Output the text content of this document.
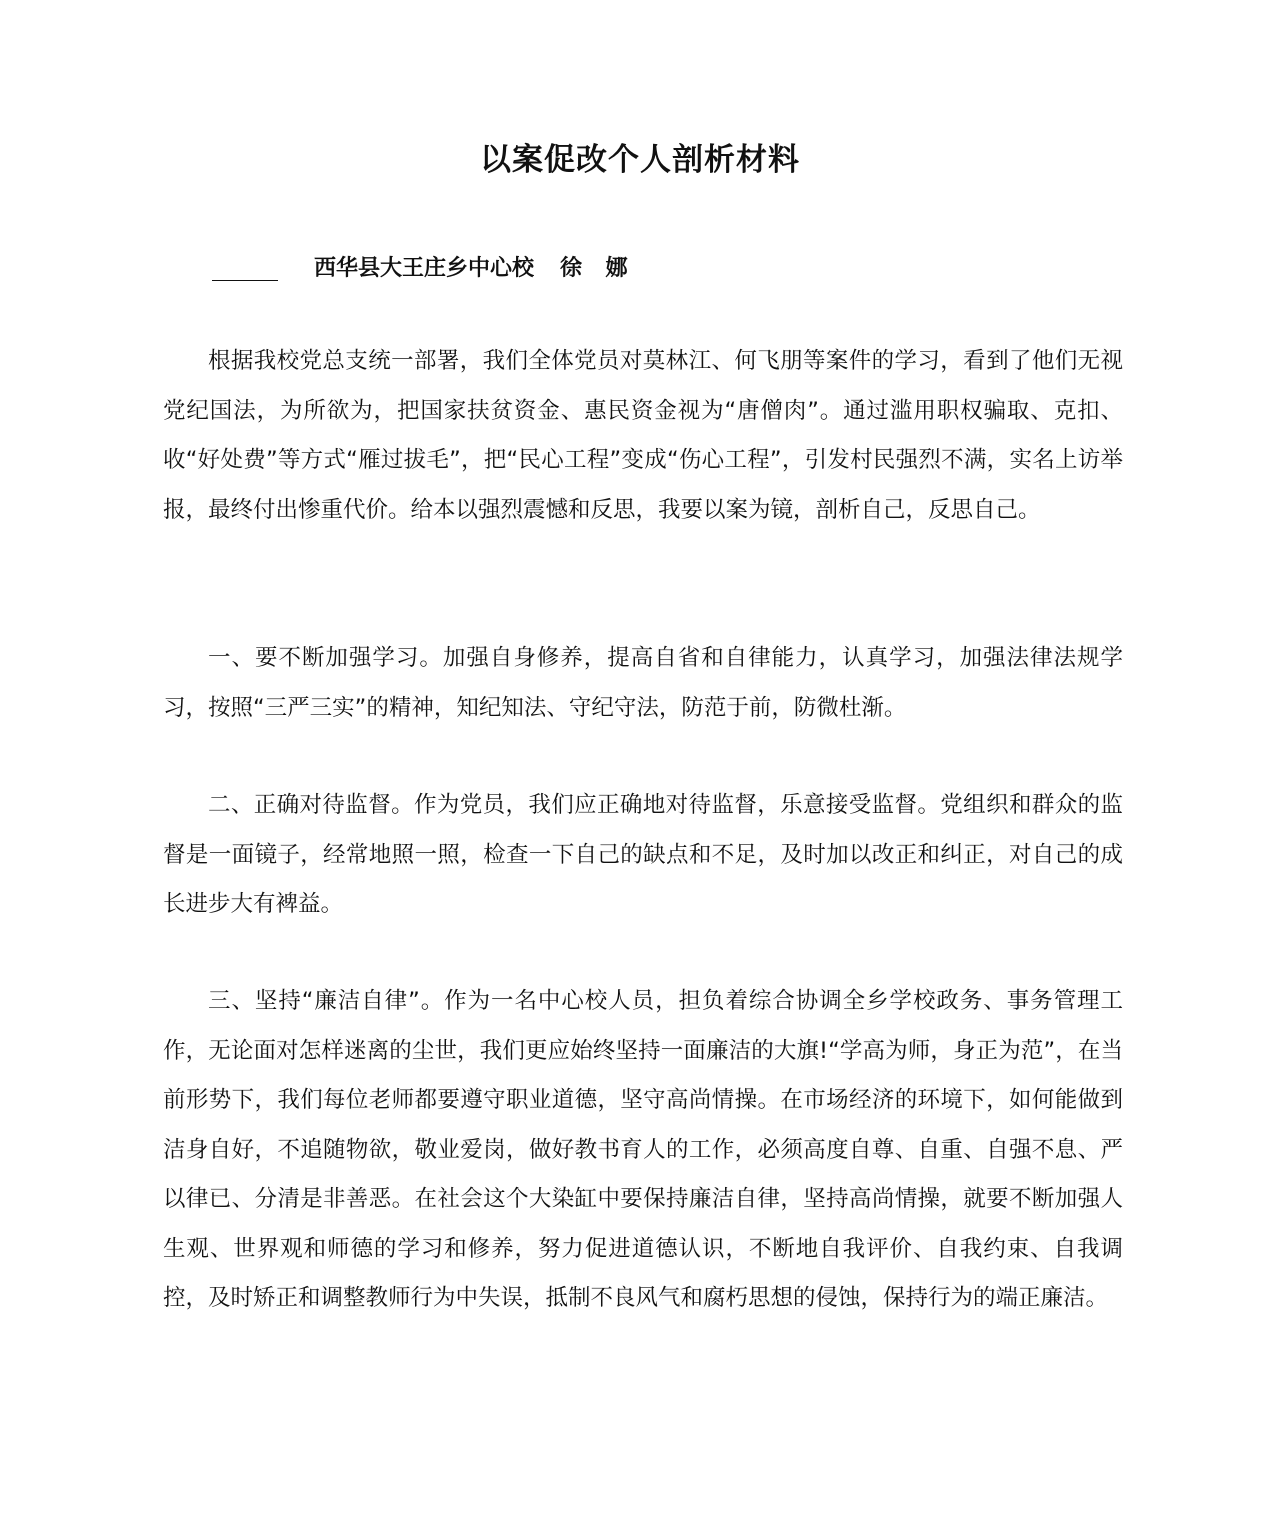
以案促改个人剖析材料
西华县大王庄乡中心校 徐 娜

根据我校党总支统一部署，我们全体党员对莫林江、何飞朋等案件的学习，看到了他们无视党纪国法，为所欲为，把国家扶贫资金、惠民资金视为“唐僧肉”。通过滥用职权骗取、克扣、收“好处费”等方式“雁过拔毛”，把“民心工程”变成“伤心工程”，引发村民强烈不满，实名上访举报，最终付出惨重代价。给本以强烈震憾和反思，我要以案为镜，剖析自己，反思自己。

一、要不断加强学习。加强自身修养，提高自省和自律能力，认真学习，加强法律法规学习，按照“三严三实”的精神，知纪知法、守纪守法，防范于前，防微杜渐。

二、正确对待监督。作为党员，我们应正确地对待监督，乐意接受监督。党组织和群众的监督是一面镜子，经常地照一照，检查一下自己的缺点和不足，及时加以改正和纠正，对自己的成长进步大有裨益。

三、坚持“廉洁自律”。作为一名中心校人员，担负着综合协调全乡学校政务、事务管理工作，无论面对怎样迷离的尘世，我们更应始终坚持一面廉洁的大旗!“学高为师，身正为范”，在当前形势下，我们每位老师都要遵守职业道德，坚守高尚情操。在市场经济的环境下，如何能做到洁身自好，不追随物欲，敬业爱岗，做好教书育人的工作，必须高度自尊、自重、自强不息、严以律已、分清是非善恶。在社会这个大染缸中要保持廉洁自律，坚持高尚情操，就要不断加强人生观、世界观和师德的学习和修养，努力促进道德认识，不断地自我评价、自我约束、自我调控，及时矫正和调整教师行为中失误，抵制不良风气和腐朽思想的侵蚀，保持行为的端正廉洁。
